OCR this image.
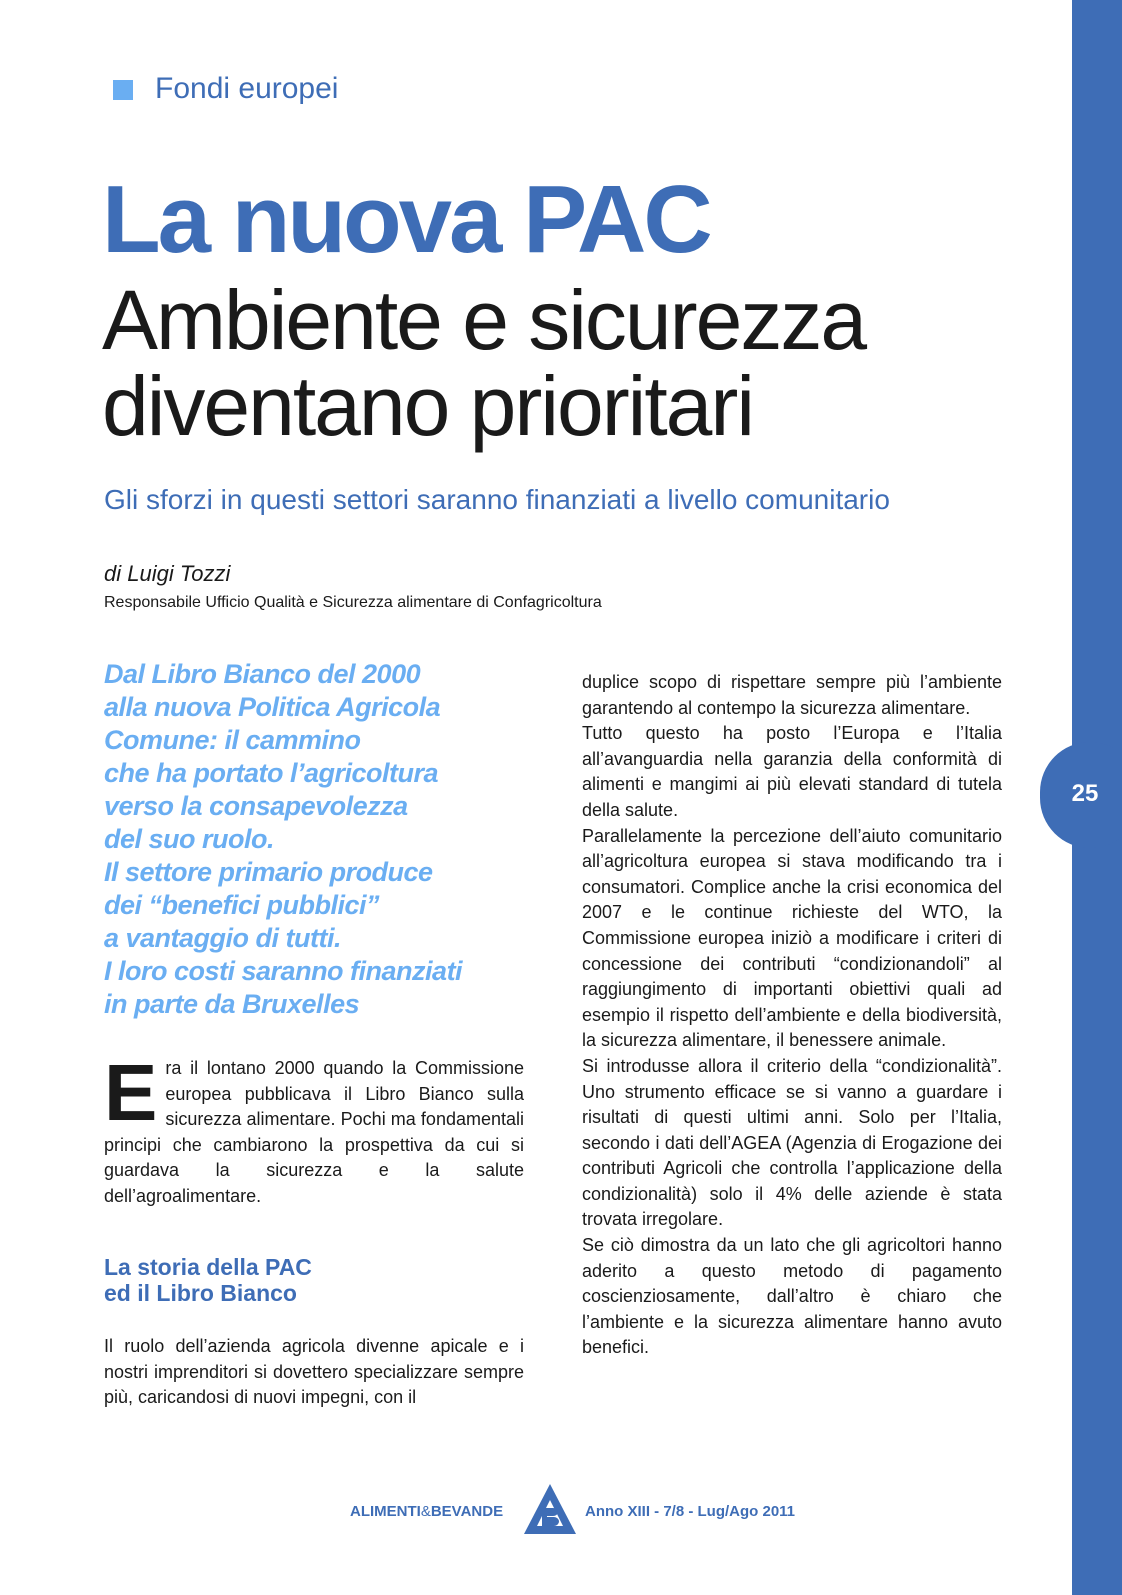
25
Fondi europei
La nuova PAC
Ambiente e sicurezza
diventano prioritari
Gli sforzi in questi settori saranno finanziati a livello comunitario
di Luigi Tozzi
Responsabile Ufficio Qualità e Sicurezza alimentare di Confagricoltura
Dal Libro Bianco del 2000
alla nuova Politica Agricola
Comune: il cammino
che ha portato l’agricoltura
verso la consapevolezza
del suo ruolo.
Il settore primario produce
dei “benefici pubblici”
a vantaggio di tutti.
I loro costi saranno finanziati
in parte da Bruxelles
E ra il lontano 2000 quando la Commissione europea pubblicava il Libro Bianco sulla sicurezza alimentare. Pochi ma fondamentali principi che cambiarono la prospettiva da cui si guardava la sicurezza e la salute dell’agroalimentare.
La storia della PAC
ed il Libro Bianco
Il ruolo dell’azienda agricola divenne apicale e i nostri imprenditori si dovettero specializzare sempre più, caricandosi di nuovi impegni, con il

duplice scopo di rispettare sempre più l’ambiente garantendo al contempo la sicurezza alimentare.

Tutto questo ha posto l’Europa e l’Italia all’avanguardia nella garanzia della conformità di alimenti e mangimi ai più elevati standard di tutela della salute.

Parallelamente la percezione dell’aiuto comunitario all’agricoltura europea si stava modificando tra i consumatori. Complice anche la crisi economica del 2007 e le continue richieste del WTO, la Commissione europea iniziò a modificare i criteri di concessione dei contributi “condizionandoli” al raggiungimento di importanti obiettivi quali ad esempio il rispetto dell’ambiente e della biodiversità, la sicurezza alimentare, il benessere animale.

Si introdusse allora il criterio della “condizionalità”. Uno strumento efficace se si vanno a guardare i risultati di questi ultimi anni. Solo per l’Italia, secondo i dati dell’AGEA (Agenzia di Erogazione dei contributi Agricoli che controlla l’applicazione della condizionalità) solo il 4% delle aziende è stata trovata irregolare.

Se ciò dimostra da un lato che gli agricoltori hanno aderito a questo metodo di pagamento coscienziosamente, dall’altro è chiaro che l’ambiente e la sicurezza alimentare hanno avuto benefici.

ALIMENTI&BEVANDE	Anno XIII - 7/8 - Lug/Ago 2011
